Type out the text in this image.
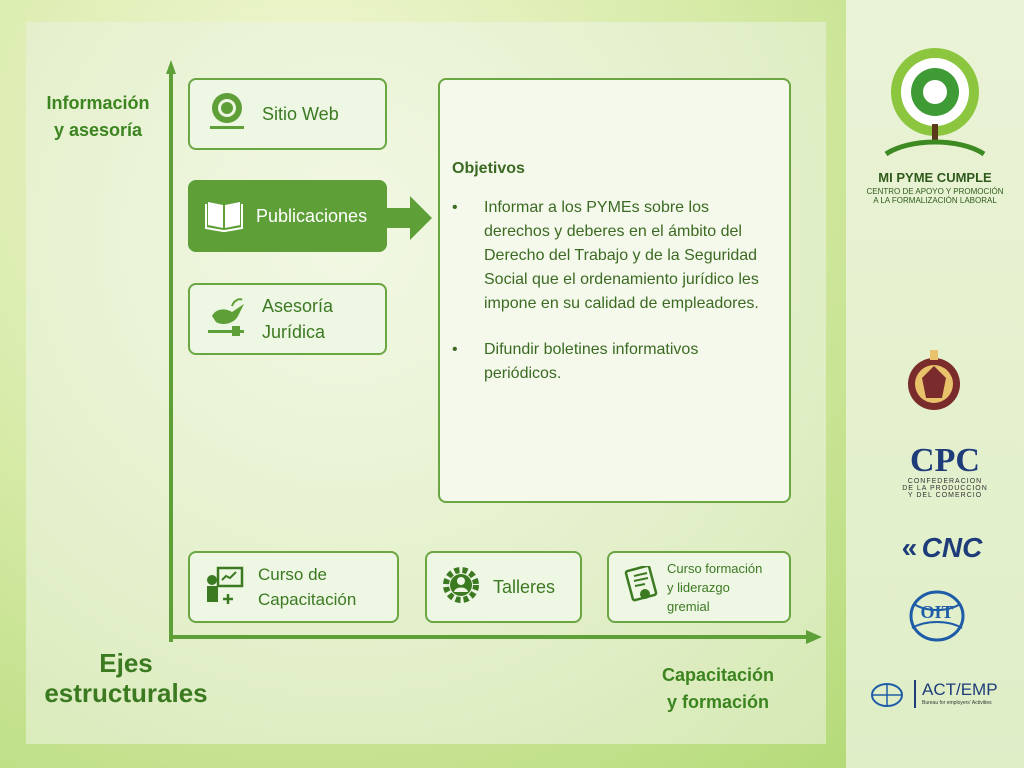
Información
y asesoría
Capacitación
y formación
Ejes
estructurales
Sitio Web
Publicaciones
Asesoría
Jurídica
Objetivos
• Informar a los PYMEs sobre los derechos y deberes en el ámbito del Derecho del Trabajo y de la Seguridad Social que el ordenamiento jurídico les impone en su calidad de empleadores.
• Difundir boletines informativos periódicos.
Curso de
Capacitación
Talleres
Curso formación
y liderazgo
gremial
MI PYME CUMPLE
CENTRO DE APOYO Y PROMOCIÓN
A LA FORMALIZACIÓN LABORAL
CPC
CONFEDERACION
DE LA PRODUCCION
Y DEL COMERCIO
« CNC
OIT
ACT/EMP
Bureau for employers' Activities
